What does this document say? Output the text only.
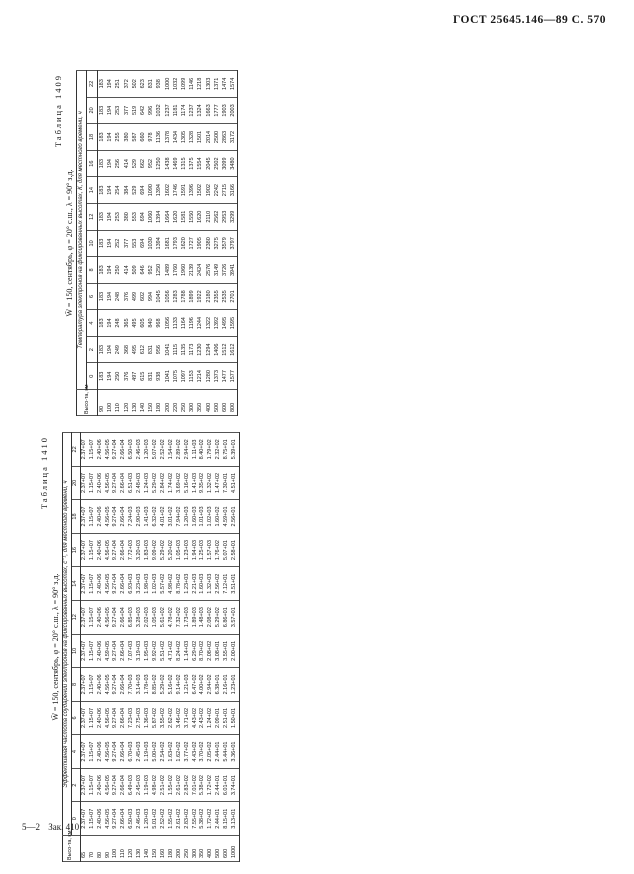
ГОСТ 25645.146—89 С. 570
Таблица 1409
W̄ = 150, сентябрь, φ = 20° с.ш., λ = 90° з.д.
Высо-та, км	Температура электронов на фиксированных высотах, К, для местного времени, ч											
	0	2	4	6	8	10	12	14	16	18	20	22
90	183	183	183	183	183	183	183	183	183	183	183	183
100	194	194	194	194	194	194	194	194	194	194	194	194
110	250	249	248	248	250	252	253	254	256	255	253	251
120	376	368	365	376	414	377	380	384	414	380	377	372
130	497	495	495	499	509	553	553	529	529	587	519	502
140	615	612	605	602	646	694	694	694	662	660	642	623
150	831	831	840	994	952	1030	1060	1090	952	978	996	831
180	938	956	968	1045	1250	1394	1394	1394	1250	1136	1032	938
200	1041	1041	1056	1056	1489	1681	1664	1602	1438	1378	1237	1000
220	1075	1115	1133	1283	1760	1793	1620	1746	1469	1434	1181	1032
250	1097	1135	1164	1788	1960	1620	1581	1591	1315	1305	1174	1099
300	1153	1173	1196	1899	2139	1727	1550	1396	1375	1328	1237	1146
350	1214	1230	1244	1922	2424	1905	1620	1502	1554	1501	1324	1218
400	1280	1294	1322	2180	2576	2380	2110	1902	2045	2014	1663	1303
500	1373	1406	1392	2355	3149	3275	2562	2242	2502	2500	1777	1371
600	1477	1512	1495	2535	3726	3579	2953	2715	3099	2863	1903	1474
800	1577	1612	1595	2701	3941	3797	3299	3166	3480	3172	2003	1574
Таблица 1410
W̄ = 150, сентябрь, φ = 20° с.ш., λ = 90° з.д.
Высо-та, км	Эффективная частота соударений электронов на фиксированных высотах, с⁻¹, для местного времени, ч											
	0	2	4	6	8	10	12	14	16	18	20	22
65	2.37+07	2.37+07	2.37+07	2.37+07	2.37+07	2.37+07	2.37+07	2.37+07	2.37+07	2.37+07	2.37+07	2.37+07
70	1.15+07	1.15+07	1.15+07	1.15+07	1.15+07	1.15+07	1.15+07	1.15+07	1.15+07	1.15+07	1.15+07	1.15+07
80	2.40+06	2.40+06	2.40+06	2.40+06	2.40+06	2.40+06	2.40+06	2.40+06	2.40+06	2.40+06	2.40+06	2.40+06
90	4.56+05	4.56+05	4.56+05	4.56+05	4.56+05	4.59+05	4.56+05	4.56+05	4.56+05	4.56+05	4.56+05	4.56+05
100	9.27+04	9.27+04	9.27+04	9.27+04	9.27+04	9.27+04	9.27+04	9.27+04	9.27+04	9.27+04	9.27+04	9.27+04
110	2.66+04	2.66+04	2.66+04	2.66+04	2.66+04	2.66+04	2.66+04	2.66+04	2.66+04	2.66+04	2.66+04	2.66+04
120	6.50+03	6.49+03	6.70+03	7.23+03	7.70+03	7.07+03	6.85+03	6.93+03	7.72+03	7.24+03	6.51+03	6.50+03
130	2.46+03	2.45+03	2.45+03	2.75+03	3.14+03	3.19+03	3.28+03	3.23+03	3.20+03	2.90+03	2.48+03	2.46+03
140	1.20+03	1.19+03	1.19+03	1.36+03	1.78+03	1.95+03	2.02+03	1.98+03	1.83+03	1.41+03	1.24+03	1.20+03
150	5.01+02	4.98+02	5.00+02	5.87+02	8.85+02	9.92+02	1.05+03	1.02+03	9.09+02	6.32+02	5.29+02	5.07+02
160	2.52+02	2.51+02	2.54+02	3.55+02	5.29+02	5.51+02	5.61+02	5.57+02	5.29+02	4.01+02	2.84+02	2.52+02
180	1.55+02	1.55+02	1.63+02	2.62+02	5.16+02	4.71+02	4.78+02	4.98+02	5.20+02	3.01+02	1.74+02	1.54+02
200	2.61+02	2.61+02	1.62+02	3.46+02	9.14+02	8.24+02	7.32+02	8.78+02	1.05+03	7.94+02	3.69+02	2.89+02
250	2.83+02	2.83+02	3.77+02	3.71+02	1.21+03	1.14+03	1.73+03	1.23+03	1.23+03	1.20+03	5.16+02	2.94+02
300	7.55+02	7.01+02	4.43+02	4.43+02	6.47+02	6.29+02	1.89+03	2.21+03	1.94+03	1.60+03	1.41+03	1.11+03
350	5.38+02	5.38+02	3.70+02	2.43+02	4.00+02	8.70+02	1.48+03	1.60+03	1.25+03	1.01+03	9.35+02	8.40+02
400	1.72+02	1.72+02	2.05+02	1.24+02	2.94+02	2.08+02	2.08+02	1.32+03	1.57+03	1.02+03	1.32+02	1.79+02
500	2.44+01	2.44+01	2.44+01	2.09+01	6.38+01	3.08+01	5.29+02	2.56+02	1.76+02	1.60+02	1.47+02	2.32+02
600	8.15+01	6.01+01	5.44+01	2.51+01	2.16+01	3.55+01	6.86+01	7.12+01	5.07+01	4.59+01	7.30+01	8.75+01
1000	3.13+01	3.74+01	3.36+01	1.50+01	1.23+01	2.00+01	3.57+01	3.51+01	2.58+01	2.56+01	4.51+01	5.39+01
5—2 Зак. 410
